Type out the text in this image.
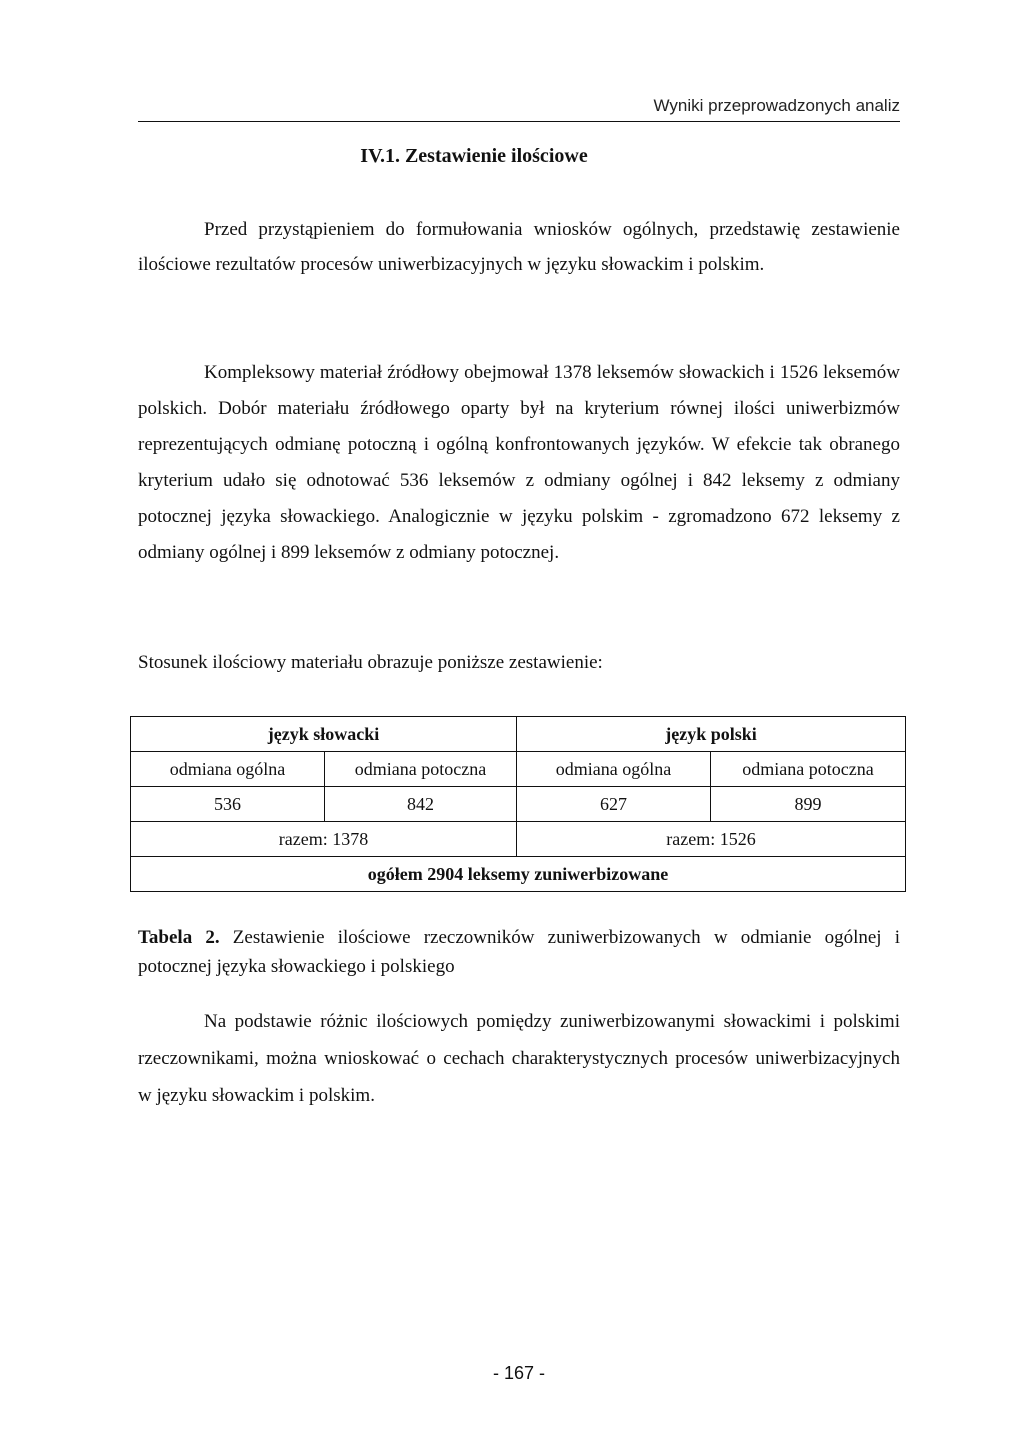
Wyniki przeprowadzonych analiz
IV.1. Zestawienie ilościowe

Przed przystąpieniem do formułowania wniosków ogólnych, przedstawię zestawienie ilościowe rezultatów procesów uniwerbizacyjnych w języku słowackim i polskim.

Kompleksowy materiał źródłowy obejmował 1378 leksemów słowackich i 1526 leksemów polskich. Dobór materiału źródłowego oparty był na kryterium równej ilości uniwerbizmów reprezentujących odmianę potoczną i ogólną konfrontowanych języków. W efekcie tak obranego kryterium udało się odnotować 536 leksemów z odmiany ogólnej i 842 leksemy z odmiany potocznej języka słowackiego. Analogicznie w języku polskim - zgromadzono 672 leksemy z odmiany ogólnej i 899 leksemów z odmiany potocznej.

Stosunek ilościowy materiału obrazuje poniższe zestawienie:

język słowacki		język polski	
odmiana ogólna	odmiana potoczna	odmiana ogólna	odmiana potoczna
536	842	627	899
razem: 1378		razem: 1526	
ogółem 2904 leksemy zuniwerbizowane			
Tabela 2. Zestawienie ilościowe rzeczowników zuniwerbizowanych w odmianie ogólnej i potocznej języka słowackiego i polskiego

Na podstawie różnic ilościowych pomiędzy zuniwerbizowanymi słowackimi i polskimi rzeczownikami, można wnioskować o cechach charakterystycznych procesów uniwerbizacyjnych w języku słowackim i polskim.

- 167 -
